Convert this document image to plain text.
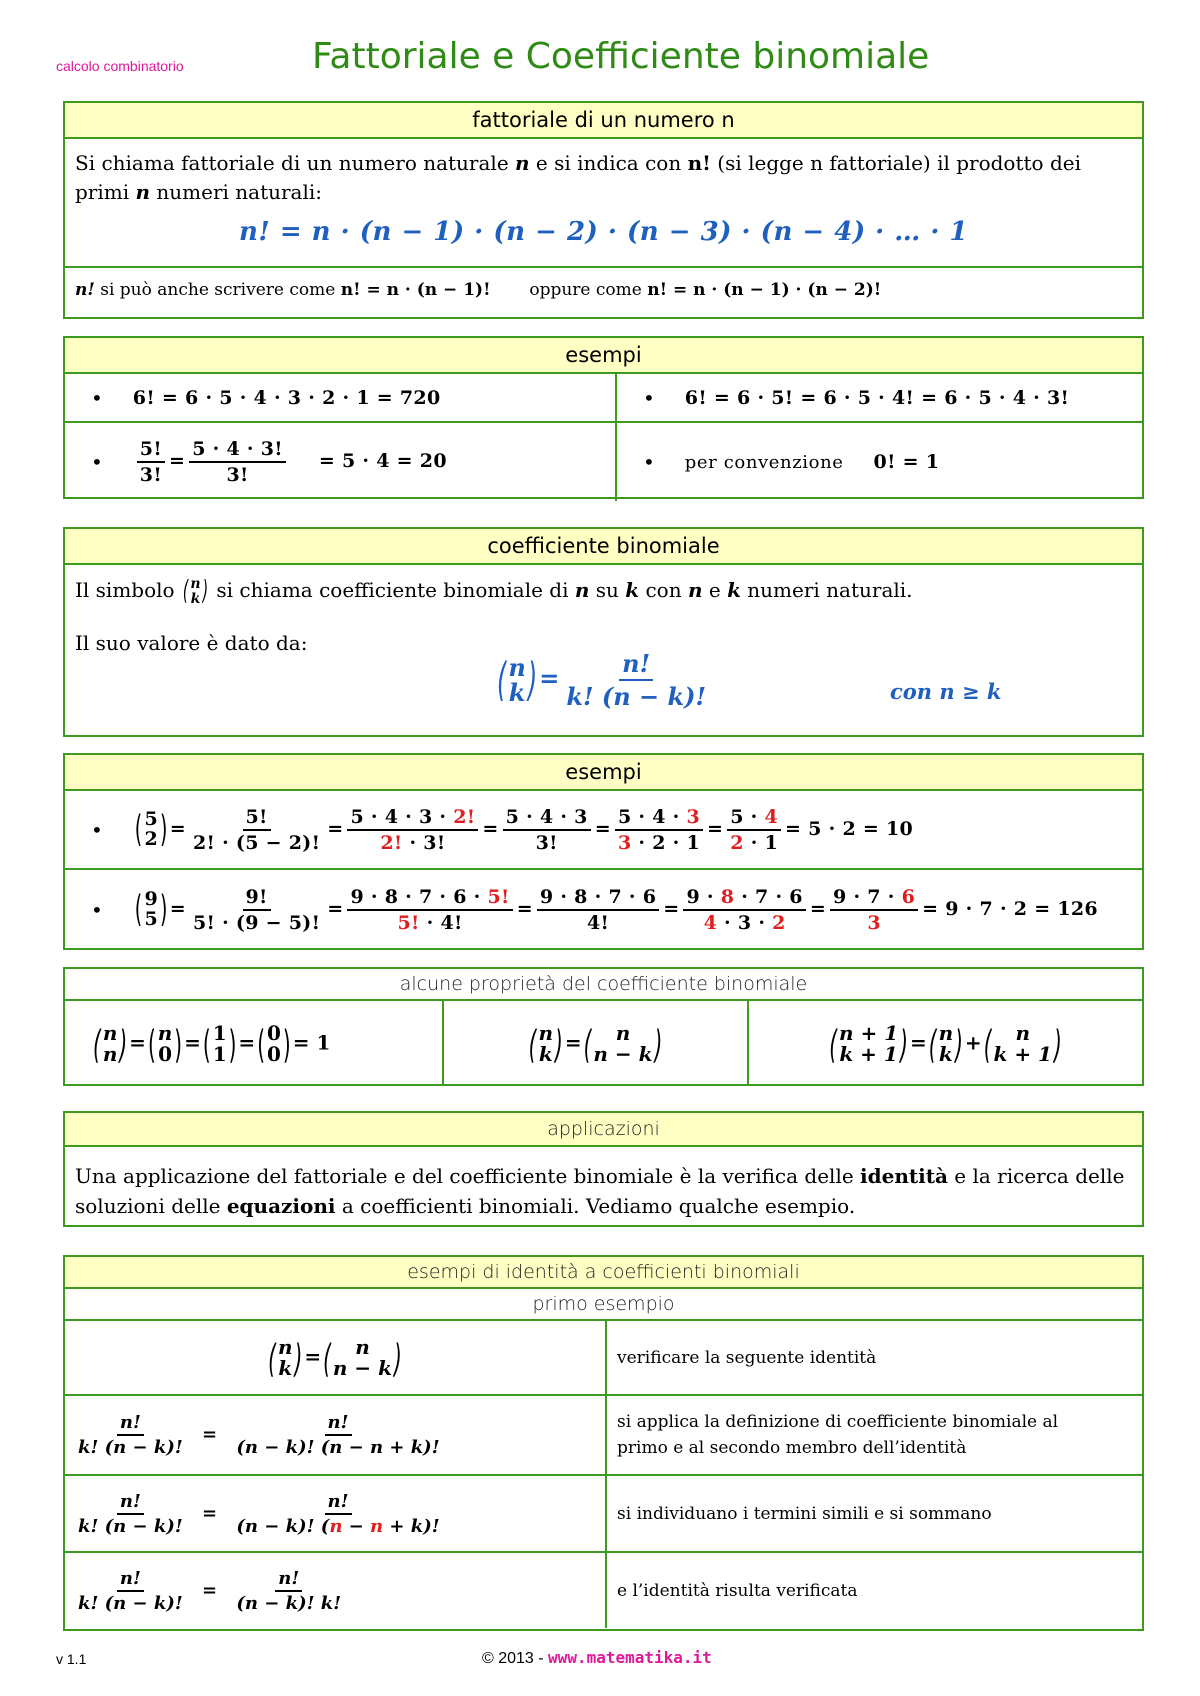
calcolo combinatorio	Fattoriale e Coefficiente binomiale
fattoriale di un numero n
Si chiama fattoriale di un numero naturale n e si indica con n! (si legge n fattoriale) il prodotto dei
primi n numeri naturali:
n! = n · (n − 1) · (n − 2) · (n − 3) · (n − 4) · … · 1
n! si può anche scrivere come n! = n · (n − 1)! oppure come n! = n · (n − 1) · (n − 2)!
esempi
• 6! = 6 · 5 · 4 · 3 · 2 · 1 = 720	• 6! = 6 · 5! = 6 · 5 · 4! = 6 · 5 · 4 · 3!
• $\frac{5!}{3!} = \frac{5 \cdot 4 \cdot 3!}{3!} = 5 \cdot 4 = 20$	• per convenzione 0! = 1
coefficiente binomiale
Il simbolo ( n
k ) si chiama coefficiente binomiale di n su k con n e k numeri naturali.
Il suo valore è dato da:
( n
k ) = $\frac{n!}{k! (n - k)!}$	con n ≥ k
esempi
• ( 5
2 ) = $\frac{5!}{2! \cdot (5 - 2)!} = \frac{5 \cdot 4 \cdot 3 \cdot 2!}{2! \cdot 3!} = \frac{5 \cdot 4 \cdot 3}{3!} = \frac{5 \cdot 4 \cdot 3}{3 \cdot 2 \cdot 1} = \frac{5 \cdot 4}{2 \cdot 1} = 5 \cdot 2 = 10$
• ( 9
5 ) = $\frac{9!}{5! \cdot (9 - 5)!} = \frac{9 \cdot 8 \cdot 7 \cdot 6 \cdot 5!}{5! \cdot 4!} = \frac{9 \cdot 8 \cdot 7 \cdot 6}{4!} = \frac{9 \cdot 8 \cdot 7 \cdot 6}{4 \cdot 3 \cdot 2} = \frac{9 \cdot 7 \cdot 6}{3} = 9 \cdot 7 \cdot 2 = 126$
alcune proprietà del coefficiente binomiale
( n
n ) = ( n
0 ) = ( 1
1 ) = ( 0
0 ) = 1	( n
k ) = ( n
n − k )	( n + 1
k + 1 ) = ( n
k ) + ( n
k + 1 )
applicazioni
Una applicazione del fattoriale e del coefficiente binomiale è la verifica delle identità e la ricerca delle
soluzioni delle equazioni a coefficienti binomiali. Vediamo qualche esempio.
esempi di identità a coefficienti binomiali
primo esempio
( n
k ) = ( n
n − k )	verificare la seguente identità
$\frac{n!}{k! (n - k)!} = \frac{n!}{(n - k)! (n - n + k)!}$	si applica la definizione di coefficiente binomiale al primo e al secondo membro dell’identità
$\frac{n!}{k! (n - k)!} = \frac{n!}{(n - k)! (n - n + k)!}$	si individuano i termini simili e si sommano
$\frac{n!}{k! (n - k)!} = \frac{n!}{(n - k)! k!}$	e l’identità risulta verificata
v 1.1	© 2013 - www.matematika.it
